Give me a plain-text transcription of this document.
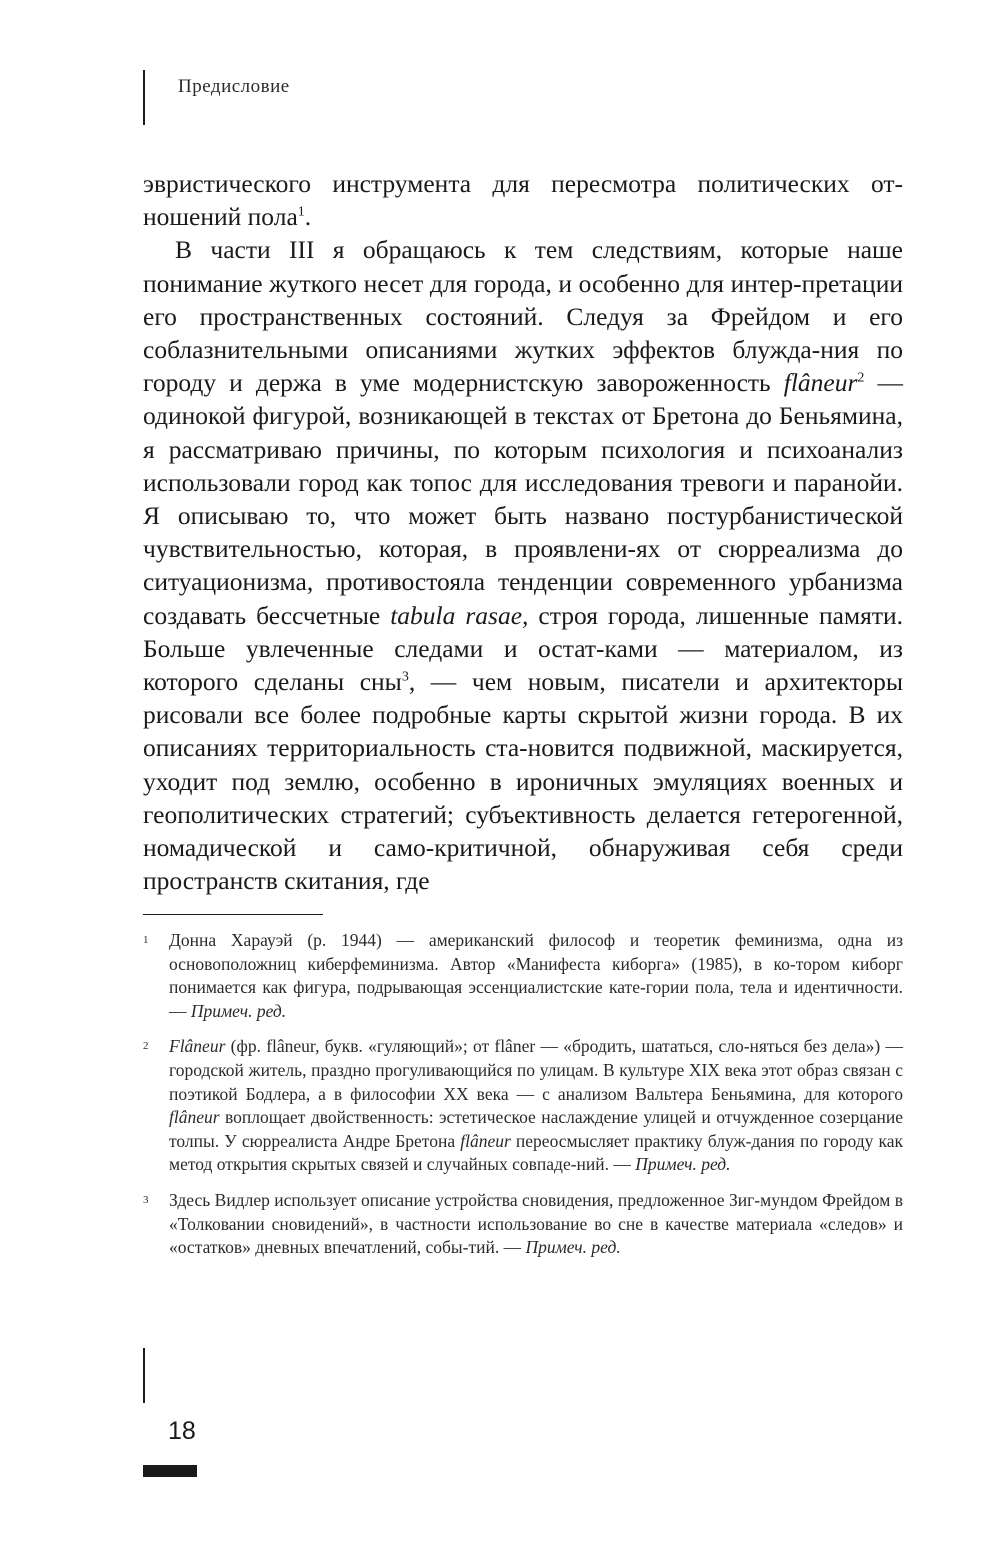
Предисловие

эвристического инструмента для пересмотра политических от-ношений пола$^1$.

В части III я обращаюсь к тем следствиям, которые наше понимание жуткого несет для города, и особенно для интер-претации его пространственных состояний. Следуя за Фрейдом и его соблазнительными описаниями жутких эффектов блужда-ния по городу и держа в уме модернистскую завороженность flâneur$^2$ — одинокой фигурой, возникающей в текстах от Бретона до Беньямина, я рассматриваю причины, по которым психология и психоанализ использовали город как топос для исследования тревоги и паранойи. Я описываю то, что может быть названо постурбанистической чувствительностью, которая, в проявлени-ях от сюрреализма до ситуационизма, противостояла тенденции современного урбанизма создавать бессчетные tabula rasae, строя города, лишенные памяти. Больше увлеченные следами и остат-ками — материалом, из которого сделаны сны$^3$, — чем новым, писатели и архитекторы рисовали все более подробные карты скрытой жизни города. В их описаниях территориальность ста-новится подвижной, маскируется, уходит под землю, особенно в ироничных эмуляциях военных и геополитических стратегий; субъективность делается гетерогенной, номадической и само-критичной, обнаруживая себя среди пространств скитания, где

1 Донна Харауэй (р. 1944) — американский философ и теоретик феминизма, одна из основоположниц киберфеминизма. Автор «Манифеста киборга» (1985), в ко-тором киборг понимается как фигура, подрывающая эссенциалистские кате-гории пола, тела и идентичности. — Примеч. ред.
2 Flâneur (фр. flâneur, букв. «гуляющий»; от flâner — «бродить, шататься, сло-няться без дела») — городской житель, праздно прогуливающийся по улицам. В культуре XIX века этот образ связан с поэтикой Бодлера, а в философии XX века — с анализом Вальтера Беньямина, для которого flâneur воплощает двойственность: эстетическое наслаждение улицей и отчужденное созерцание толпы. У сюрреалиста Андре Бретона flâneur переосмысляет практику блуж-дания по городу как метод открытия скрытых связей и случайных совпаде-ний. — Примеч. ред.
3 Здесь Видлер использует описание устройства сновидения, предложенное Зиг-мундом Фрейдом в «Толковании сновидений», в частности использование во сне в качестве материала «следов» и «остатков» дневных впечатлений, собы-тий. — Примеч. ред.
18
